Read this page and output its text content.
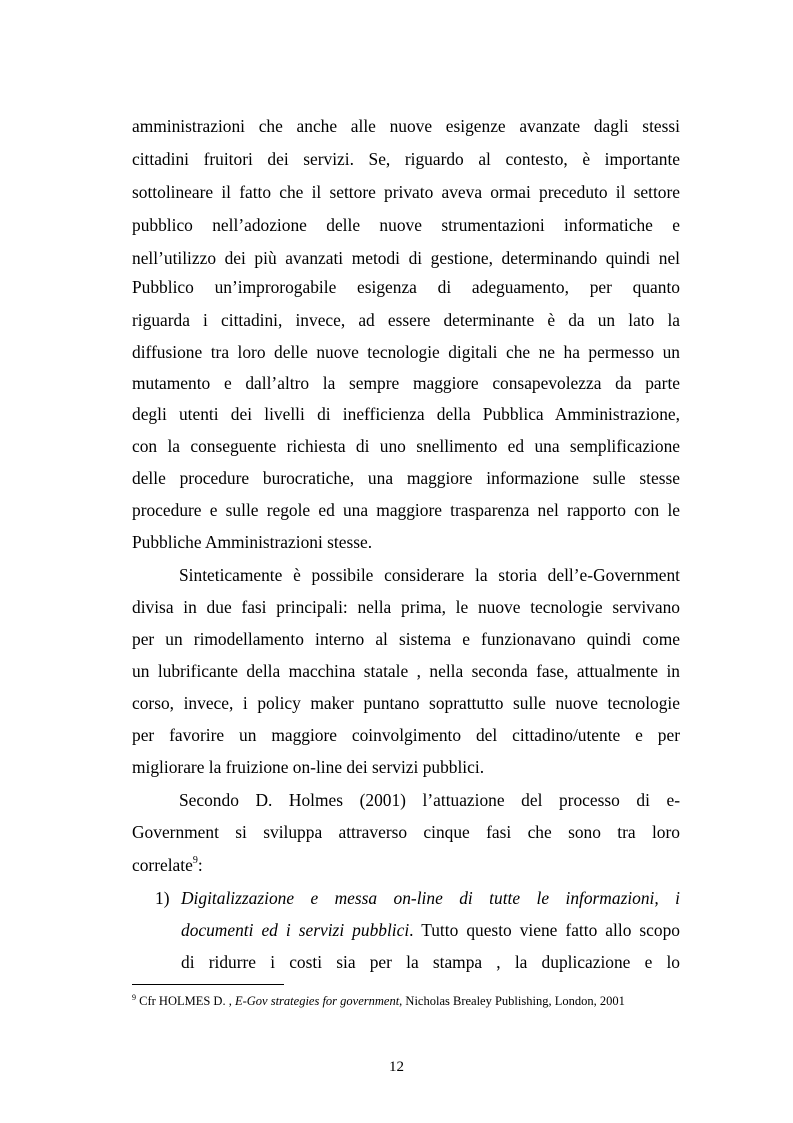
amministrazioni che anche alle nuove esigenze avanzate dagli stessi
cittadini fruitori dei servizi. Se, riguardo al contesto, è importante
sottolineare il fatto che il settore privato aveva ormai preceduto il settore
pubblico nell’adozione delle nuove strumentazioni informatiche e
nell’utilizzo dei più avanzati metodi di gestione, determinando quindi nel
Pubblico un’improrogabile esigenza di adeguamento, per quanto
riguarda i cittadini, invece, ad essere determinante è da un lato la
diffusione tra loro delle nuove tecnologie digitali che ne ha permesso un
mutamento e dall’altro la sempre maggiore consapevolezza da parte
degli utenti dei livelli di inefficienza della Pubblica Amministrazione,
con la conseguente richiesta di uno snellimento ed una semplificazione
delle procedure burocratiche, una maggiore informazione sulle stesse
procedure e sulle regole ed una maggiore trasparenza nel rapporto con le
Pubbliche Amministrazioni stesse.
Sinteticamente è possibile considerare la storia dell’e-Government
divisa in due fasi principali: nella prima, le nuove tecnologie servivano
per un rimodellamento interno al sistema e funzionavano quindi come
un lubrificante della macchina statale , nella seconda fase, attualmente in
corso, invece, i policy maker puntano soprattutto sulle nuove tecnologie
per favorire un maggiore coinvolgimento del cittadino/utente e per
migliorare la fruizione on-line dei servizi pubblici.
Secondo D. Holmes (2001) l’attuazione del processo di e-
Government si sviluppa attraverso cinque fasi che sono tra loro
correlate$^9$:
1) Digitalizzazione e messa on-line di tutte le informazioni, i
documenti ed i servizi pubblici. Tutto questo viene fatto allo scopo
di ridurre i costi sia per la stampa , la duplicazione e lo
$^9$ Cfr HOLMES D. , E-Gov strategies for government, Nicholas Brealey Publishing, London, 2001
12
